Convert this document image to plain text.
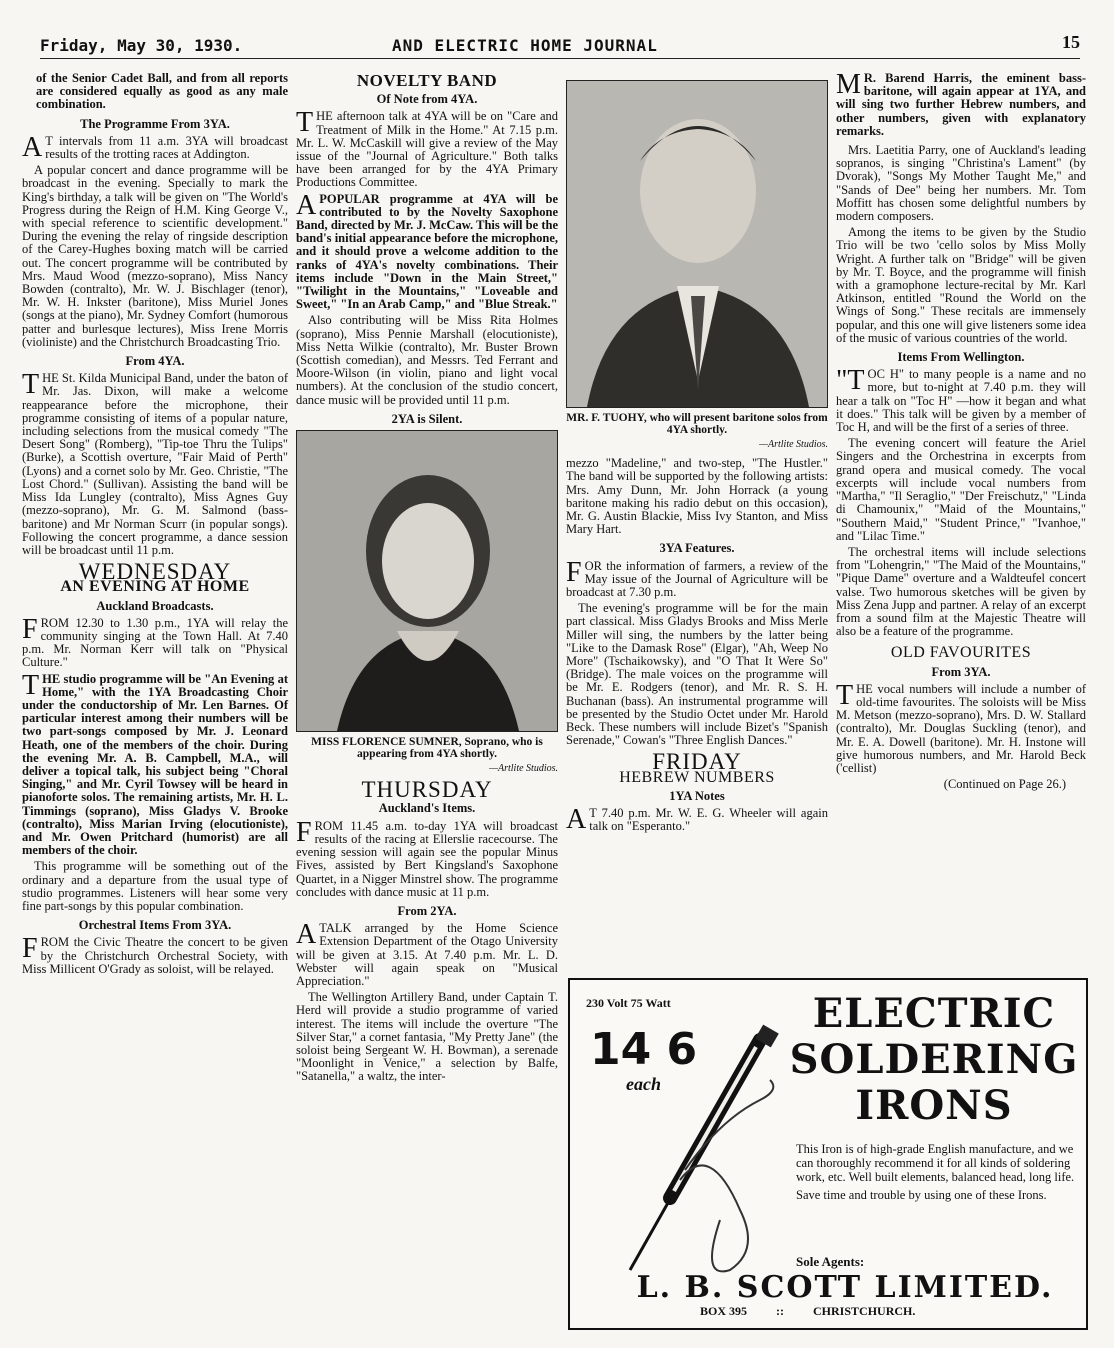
Friday, May 30, 1930.	AND ELECTRIC HOME JOURNAL	15

of the Senior Cadet Ball, and from all reports are considered equally as good as any male combination.

The Programme From 3YA.

A T intervals from 11 a.m. 3YA will broadcast results of the trotting races at Addington.

A popular concert and dance programme will be broadcast in the evening. Specially to mark the King's birthday, a talk will be given on "The World's Progress during the Reign of H.M. King George V., with special reference to scientific development." During the evening the relay of ringside description of the Carey-Hughes boxing match will be carried out. The concert programme will be contributed by Mrs. Maud Wood (mezzo-soprano), Miss Nancy Bowden (contralto), Mr. W. J. Bischlager (tenor), Mr. W. H. Inkster (baritone), Miss Muriel Jones (songs at the piano), Mr. Sydney Comfort (humorous patter and burlesque lectures), Miss Irene Morris (violiniste) and the Christchurch Broadcasting Trio.

From 4YA.

THE St. Kilda Municipal Band, under the baton of Mr. Jas. Dixon, will make a welcome reappearance before the microphone, their programme consisting of items of a popular nature, including selections from the musical comedy "The Desert Song" (Romberg), "Tip-toe Thru the Tulips" (Burke), a Scottish overture, "Fair Maid of Perth" (Lyons) and a cornet solo by Mr. Geo. Christie, "The Lost Chord." (Sullivan). Assisting the band will be Miss Ida Lungley (contralto), Miss Agnes Guy (mezzo-soprano), Mr. G. M. Salmond (bass-baritone) and Mr Norman Scurr (in popular songs). Following the concert programme, a dance session will be broadcast until 11 p.m.

WEDNESDAY
AN EVENING AT HOME
Auckland Broadcasts.

FROM 12.30 to 1.30 p.m., 1YA will relay the community singing at the Town Hall. At 7.40 p.m. Mr. Norman Kerr will talk on "Physical Culture."

THE studio programme will be "An Evening at Home," with the 1YA Broadcasting Choir under the conductorship of Mr. Len Barnes. Of particular interest among their numbers will be two part-songs composed by Mr. J. Leonard Heath, one of the members of the choir. During the evening Mr. A. B. Campbell, M.A., will deliver a topical talk, his subject being "Choral Singing," and Mr. Cyril Towsey will be heard in pianoforte solos. The remaining artists, Mr. H. L. Timmings (soprano), Miss Gladys V. Brooke (contralto), Miss Marian Irving (elocutioniste), and Mr. Owen Pritchard (humorist) are all members of the choir.

This programme will be something out of the ordinary and a departure from the usual type of studio programmes. Listeners will hear some very fine part-songs by this popular combination.

Orchestral Items From 3YA.

FROM the Civic Theatre the concert to be given by the Christchurch Orchestral Society, with Miss Millicent O'Grady as soloist, will be relayed.

NOVELTY BAND
Of Note from 4YA.

THE afternoon talk at 4YA will be on "Care and Treatment of Milk in the Home." At 7.15 p.m. Mr. L. W. McCaskill will give a review of the May issue of the "Journal of Agriculture." Both talks have been arranged for by the 4YA Primary Productions Committee.

APOPULAR programme at 4YA will be contributed to by the Novelty Saxophone Band, directed by Mr. J. McCaw. This will be the band's initial appearance before the microphone, and it should prove a welcome addition to the ranks of 4YA's novelty combinations. Their items include "Down in the Main Street," "Twilight in the Mountains," "Loveable and Sweet," "In an Arab Camp," and "Blue Streak."

Also contributing will be Miss Rita Holmes (soprano), Miss Pennie Marshall (elocutioniste), Miss Netta Wilkie (contralto), Mr. Buster Brown (Scottish comedian), and Messrs. Ted Ferrant and Moore-Wilson (in violin, piano and light vocal numbers). At the conclusion of the studio concert, dance music will be provided until 11 p.m.

2YA is Silent.
MISS FLORENCE SUMNER, Soprano, who is appearing from 4YA shortly.
—Artlite Studios.
THURSDAY
Auckland's Items.

FROM 11.45 a.m. to-day 1YA will broadcast results of the racing at Ellerslie racecourse. The evening session will again see the popular Minus Fives, assisted by Bert Kingsland's Saxophone Quartet, in a Nigger Minstrel show. The programme concludes with dance music at 11 p.m.

From 2YA.

ATALK arranged by the Home Science Extension Department of the Otago University will be given at 3.15. At 7.40 p.m. Mr. L. D. Webster will again speak on "Musical Appreciation."

The Wellington Artillery Band, under Captain T. Herd will provide a studio programme of varied interest. The items will include the overture "The Silver Star," a cornet fantasia, "My Pretty Jane" (the soloist being Sergeant W. H. Bowman), a serenade "Moonlight in Venice," a selection by Balfe, "Satanella," a waltz, the inter-

MR. F. TUOHY, who will present baritone solos from 4YA shortly.
—Artlite Studios.

mezzo "Madeline," and two-step, "The Hustler." The band will be supported by the following artists: Mrs. Amy Dunn, Mr. John Horrack (a young baritone making his radio debut on this occasion), Mr. G. Austin Blackie, Miss Ivy Stanton, and Miss Mary Hart.

3YA Features.

FOR the information of farmers, a review of the May issue of the Journal of Agriculture will be broadcast at 7.30 p.m.

The evening's programme will be for the main part classical. Miss Gladys Brooks and Miss Merle Miller will sing, the numbers by the latter being "Like to the Damask Rose" (Elgar), "Ah, Weep No More" (Tschaikowsky), and "O That It Were So" (Bridge). The male voices on the programme will be Mr. E. Rodgers (tenor), and Mr. R. S. H. Buchanan (bass). An instrumental programme will be presented by the Studio Octet under Mr. Harold Beck. These numbers will include Bizet's "Spanish Serenade," Cowan's "Three English Dances."

FRIDAY
HEBREW NUMBERS
1YA Notes

A T 7.40 p.m. Mr. W. E. G. Wheeler will again talk on "Esperanto."

M R. Barend Harris, the eminent bass-baritone, will again appear at 1YA, and will sing two further Hebrew numbers, and other numbers, given with explanatory remarks.

Mrs. Laetitia Parry, one of Auckland's leading sopranos, is singing "Christina's Lament" (by Dvorak), "Songs My Mother Taught Me," and "Sands of Dee" being her numbers. Mr. Tom Moffitt has chosen some delightful numbers by modern composers.

Among the items to be given by the Studio Trio will be two 'cello solos by Miss Molly Wright. A further talk on "Bridge" will be given by Mr. T. Boyce, and the programme will finish with a gramophone lecture-recital by Mr. Karl Atkinson, entitled "Round the World on the Wings of Song." These recitals are immensely popular, and this one will give listeners some idea of the music of various countries of the world.

Items From Wellington.

"TOC H" to many people is a name and no more, but to-night at 7.40 p.m. they will hear a talk on "Toc H" —how it began and what it does." This talk will be given by a member of Toc H, and will be the first of a series of three.

The evening concert will feature the Ariel Singers and the Orchestrina in excerpts from grand opera and musical comedy. The vocal excerpts will include vocal numbers from "Martha," "Il Seraglio," "Der Freischutz," "Linda di Chamounix," "Maid of the Mountains," "Southern Maid," "Student Prince," "Ivanhoe," and "Lilac Time."

The orchestral items will include selections from "Lohengrin," "The Maid of the Mountains," "Pique Dame" overture and a Waldteufel concert valse. Two humorous sketches will be given by Miss Zena Jupp and partner. A relay of an excerpt from a sound film at the Majestic Theatre will also be a feature of the programme.

OLD FAVOURITES
From 3YA.

THE vocal numbers will include a number of old-time favourites. The soloists will be Miss M. Metson (mezzo-soprano), Mrs. D. W. Stallard (contralto), Mr. Douglas Suckling (tenor), and Mr. E. A. Dowell (baritone). Mr. H. Instone will give humorous numbers, and Mr. Harold Beck ('cellist)

(Continued on Page 26.)

230 Volt 75 Watt
14 6
each
ELECTRIC
SOLDERING
IRONS

This Iron is of high-grade English manufacture, and we can thoroughly recommend it for all kinds of soldering work, etc. Well built elements, balanced head, long life.

Save time and trouble by using one of these Irons.

Sole Agents:
L. B. SCOTT LIMITED.
BOX 395 :: CHRISTCHURCH.
